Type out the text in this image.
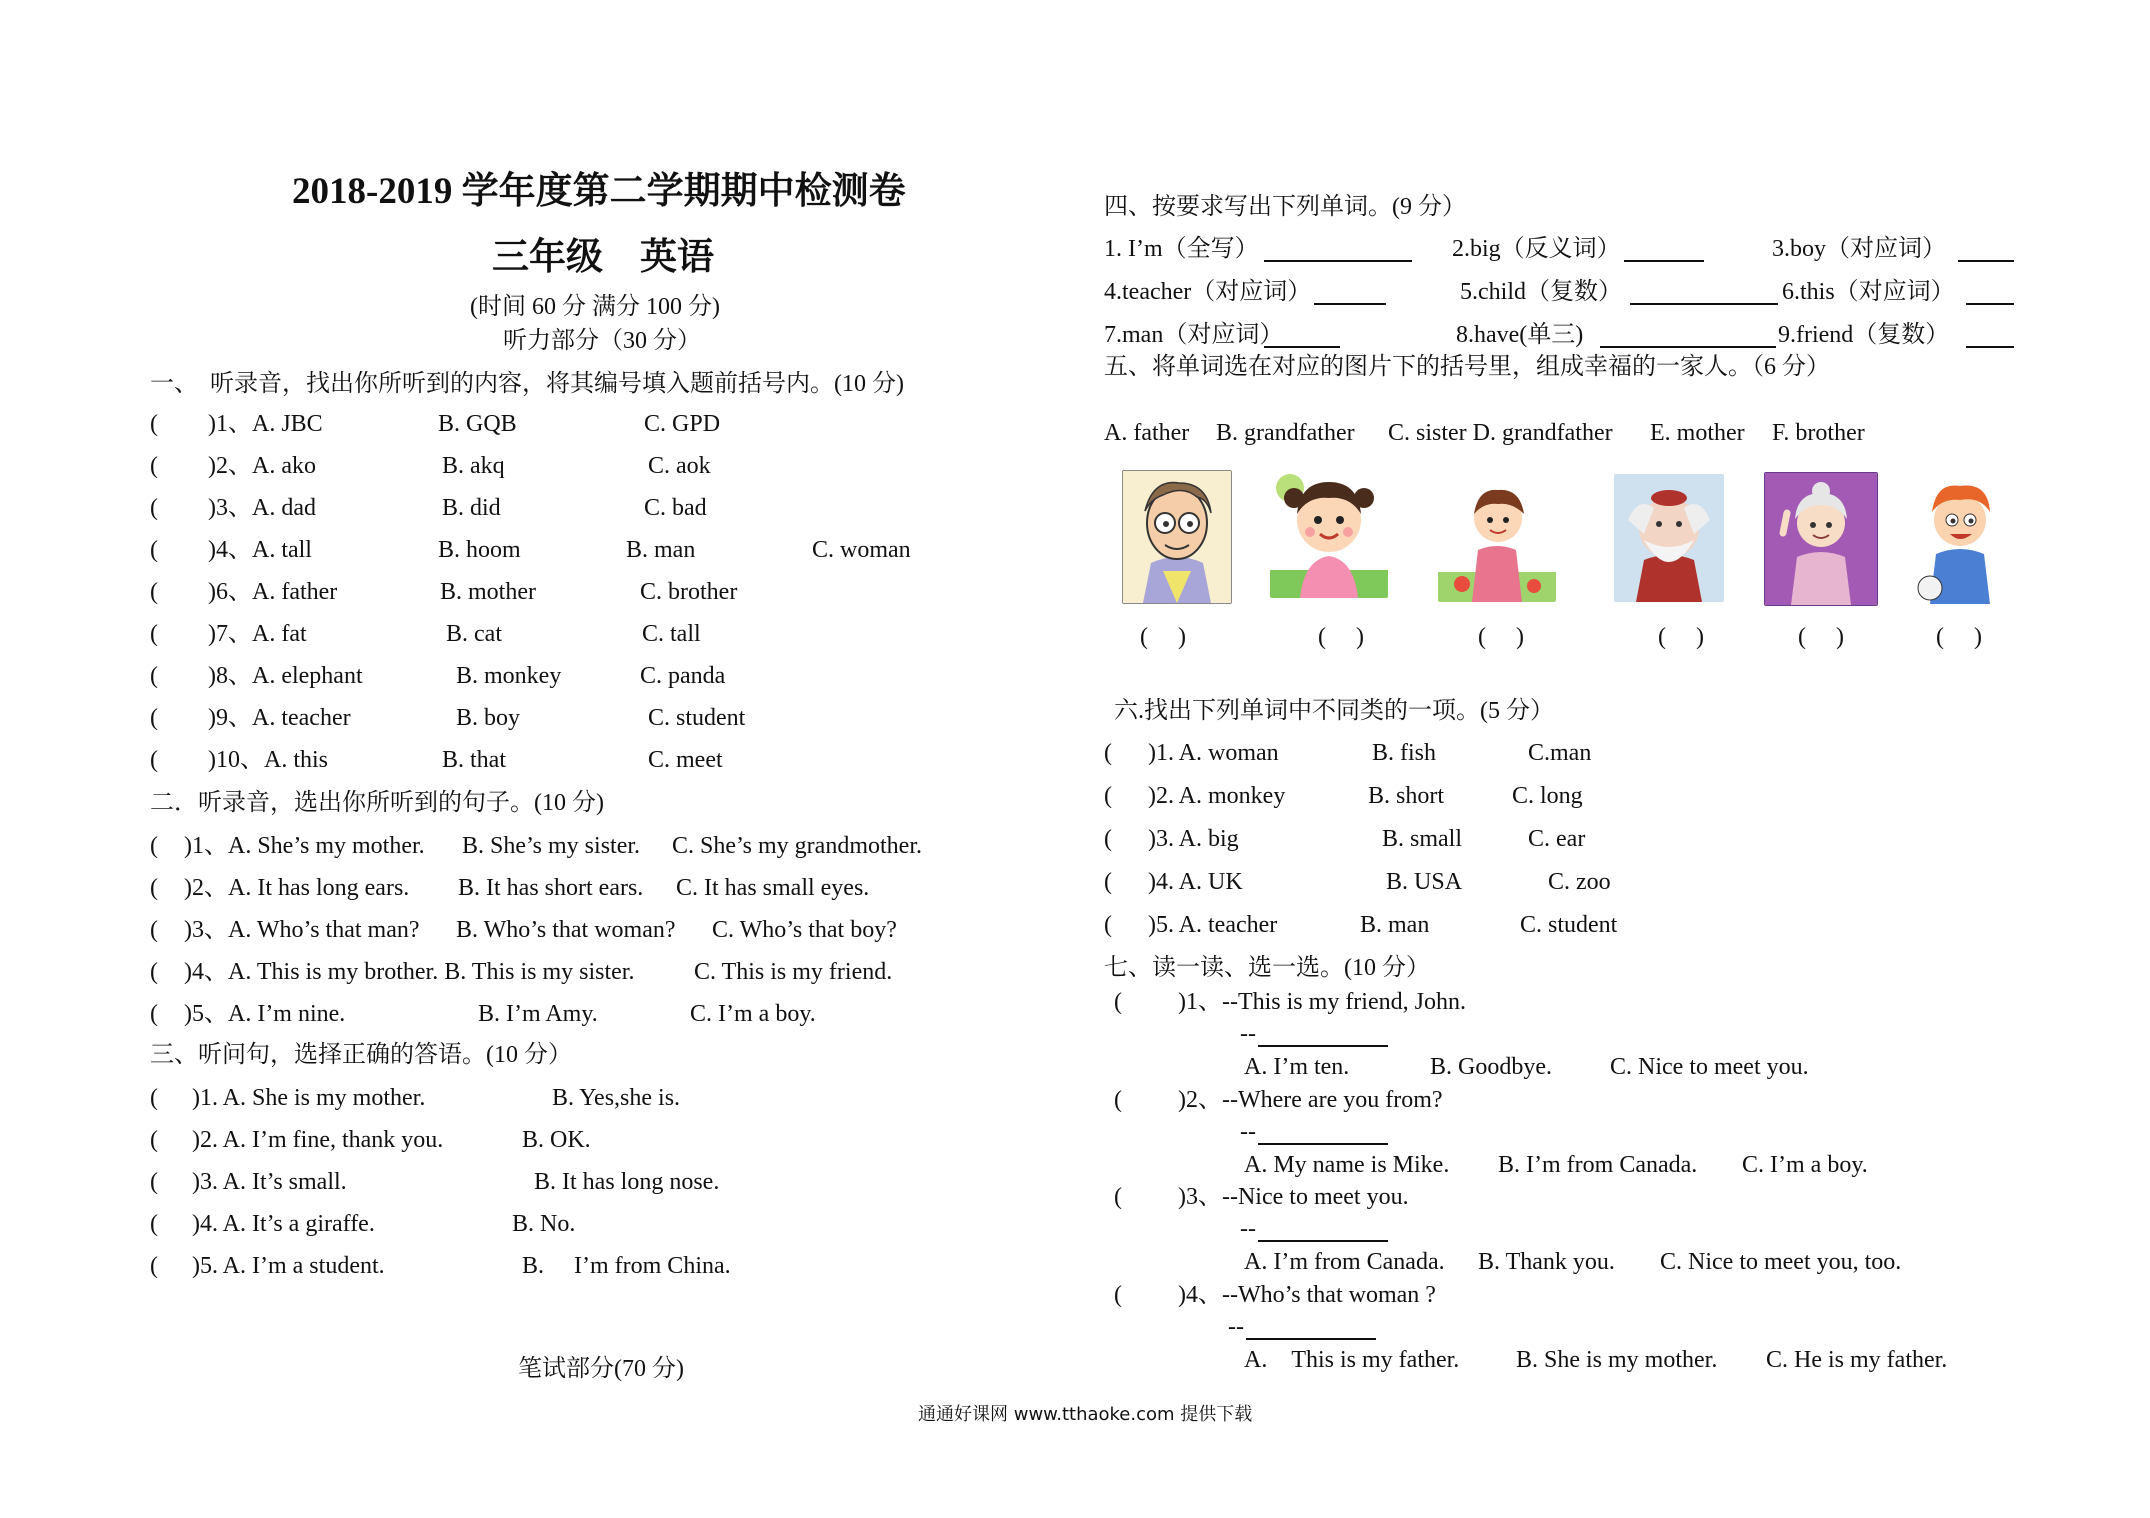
2018-2019 学年度第二学期期中检测卷
三年级　英语
(时间 60 分 满分 100 分)
听力部分（30 分）
一、　听录音，找出你所听到的内容，将其编号填入题前括号内。(10 分)
( )1、A. JBC	B. GQB	C. GPD
( )2、A. ako	B. akq	C. aok
( )3、A. dad	B. did	C. bad
( )4、A. tall	B. hoom	B. man	C. woman
( )6、A. father	B. mother	C. brother
( )7、A. fat	B. cat	C. tall
( )8、A. elephant	B. monkey	C. panda
( )9、A. teacher	B. boy	C. student
( )10、A. this	B. that	C. meet
二．听录音，选出你所听到的句子。(10 分)
( )1、A. She’s my mother. B. She’s my sister. C. She’s my grandmother.
( )2、A. It has long ears. B. It has short ears. C. It has small eyes.
( )3、A. Who’s that man? B. Who’s that woman? C. Who’s that boy?
( )4、A. This is my brother. B. This is my sister. C. This is my friend.
( )5、A. I’m nine.	B. I’m Amy.	C. I’m a boy.
三、听问句，选择正确的答语。(10 分）
( )1. A. She is my mother.	B. Yes,she is.
( )2. A. I’m fine, thank you.	B. OK.
( )3. A. It’s small.	B. It has long nose.
( )4. A. It’s a giraffe.	B. No.
( )5. A. I’m a student.	B.　 I’m from China.
笔试部分(70 分)
四、按要求写出下列单词。(9 分）
1. I’m（全写）	2.big（反义词）	3.boy（对应词）
4.teacher（对应词）	5.child（复数）	6.this（对应词）
7.man（对应词）	8.have(单三)	9.friend（复数）
五、将单词选在对应的图片下的括号里，组成幸福的一家人。（6 分）
A. father B. grandfather C. sister D. grandfather E. mother F. brother
(　 )	(　 )	(　 )	(　 )	(　 )	(　 )
六.找出下列单词中不同类的一项。(5 分）
( )1. A. woman	B. fish	C.man
( )2. A. monkey	B. short	C. long
( )3. A. big	B. small	C. ear
( )4. A. UK	B. USA	C. zoo
( )5. A. teacher	B. man	C. student
七、读一读、选一选。(10 分）
( )1、--This is my friend, John.
--
A. I’m ten.	B. Goodbye. C. Nice to meet you.
( )2、--Where are you from?
--
A. My name is Mike. B. I’m from Canada. C. I’m a boy.
( )3、--Nice to meet you.
--
A. I’m from Canada. B. Thank you. C. Nice to meet you, too.
( )4、--Who’s that woman ?
--
A.　This is my father. B. She is my mother. C. He is my father.
通通好课网 www.tthaoke.com 提供下载
